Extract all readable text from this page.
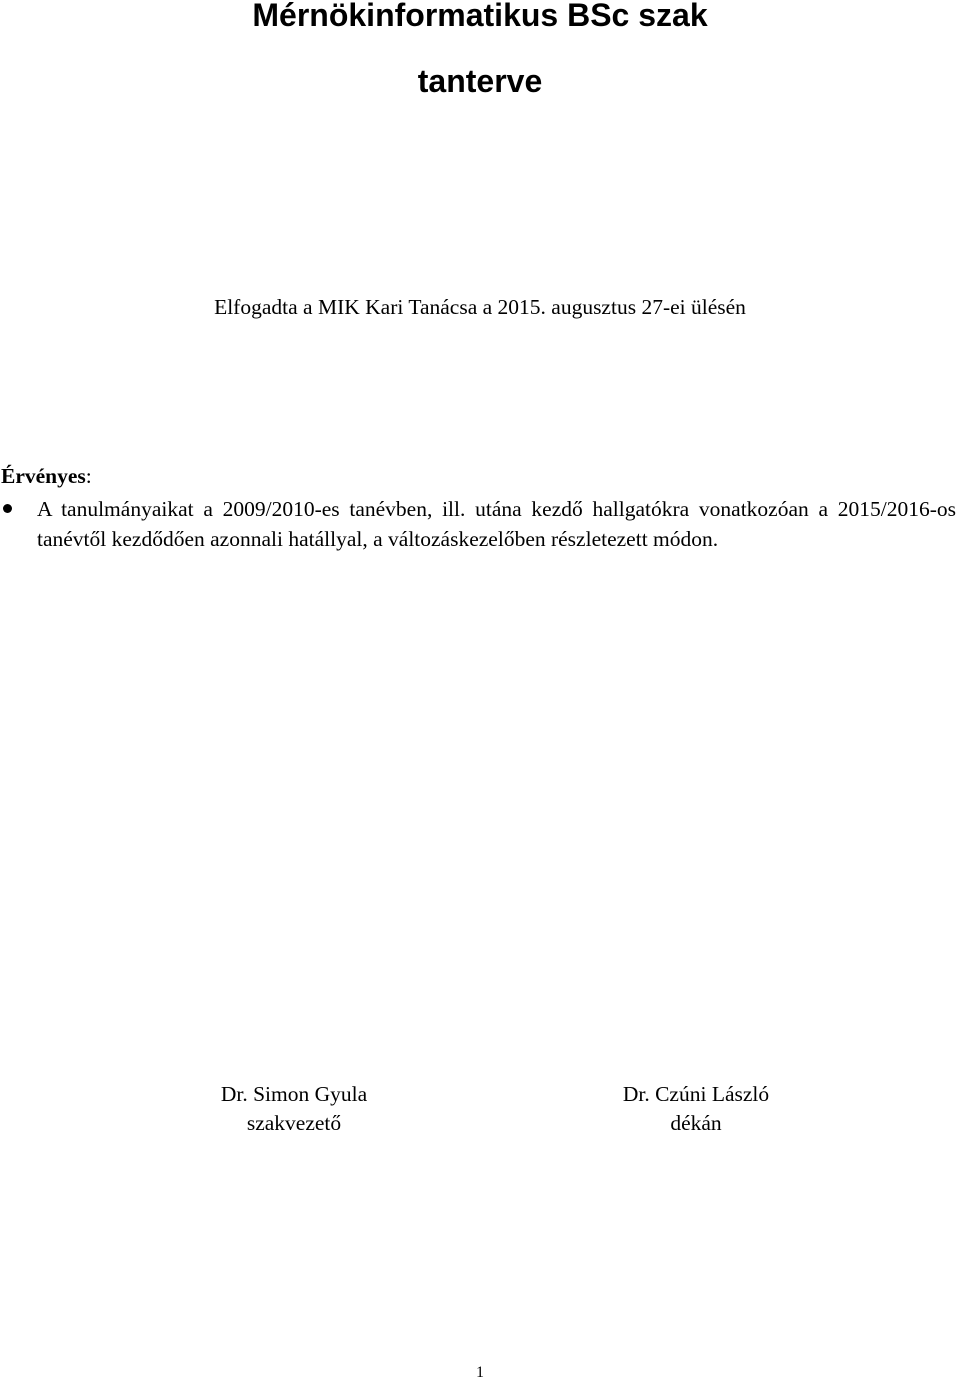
Mérnökinformatikus BSc szak
tanterve
Elfogadta a MIK Kari Tanácsa a 2015. augusztus 27-ei ülésén
Érvényes:

A tanulmányaikat a 2009/2010-es tanévben, ill. utána kezdő hallgatókra vonatkozóan a 2015/2016-os tanévtől kezdődően azonnali hatállyal, a változáskezelőben részletezett módon.

Dr. Simon Gyula
szakvezető
Dr. Czúni László
dékán
1
